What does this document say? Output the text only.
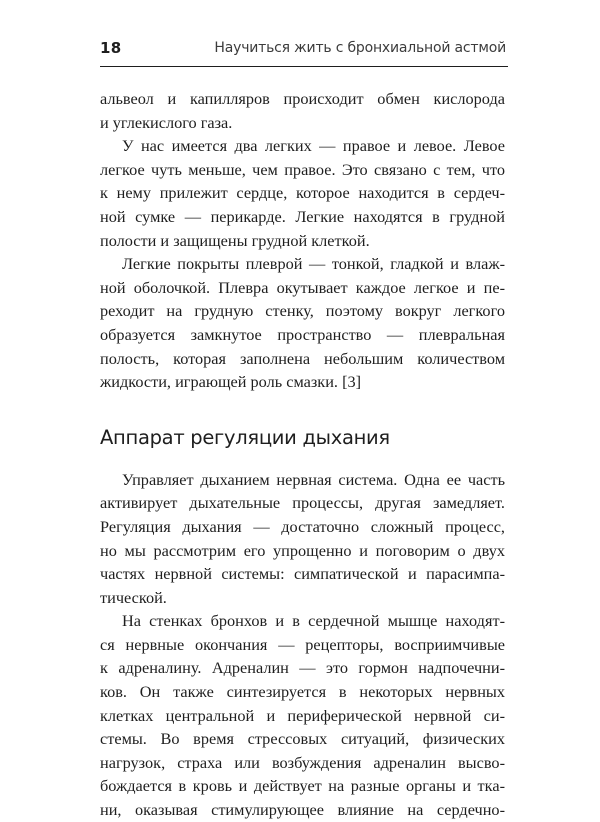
18	Научиться жить с бронхиальной астмой

альвеол и капилляров происходит обмен кислорода
и углекислого газа.

У нас имеется два легких — правое и левое. Левое
легкое чуть меньше, чем правое. Это связано с тем, что
к нему прилежит сердце, которое находится в сердеч-
ной сумке — перикарде. Легкие находятся в грудной
полости и защищены грудной клеткой.

Легкие покрыты плеврой — тонкой, гладкой и влаж-
ной оболочкой. Плевра окутывает каждое легкое и пе-
реходит на грудную стенку, поэтому вокруг легкого
образуется замкнутое пространство — плевральная
полость, которая заполнена небольшим количеством
жидкости, играющей роль смазки. [3]

Аппарат регуляции дыхания

Управляет дыханием нервная система. Одна ее часть
активирует дыхательные процессы, другая замедляет.
Регуляция дыхания — достаточно сложный процесс,
но мы рассмотрим его упрощенно и поговорим о двух
частях нервной системы: симпатической и парасимпа-
тической.

На стенках бронхов и в сердечной мышце находят-
ся нервные окончания — рецепторы, восприимчивые
к адреналину. Адреналин — это гормон надпочечни-
ков. Он также синтезируется в некоторых нервных
клетках центральной и периферической нервной си-
стемы. Во время стрессовых ситуаций, физических
нагрузок, страха или возбуждения адреналин высво-
бождается в кровь и действует на разные органы и тка-
ни, оказывая стимулирующее влияние на сердечно-
